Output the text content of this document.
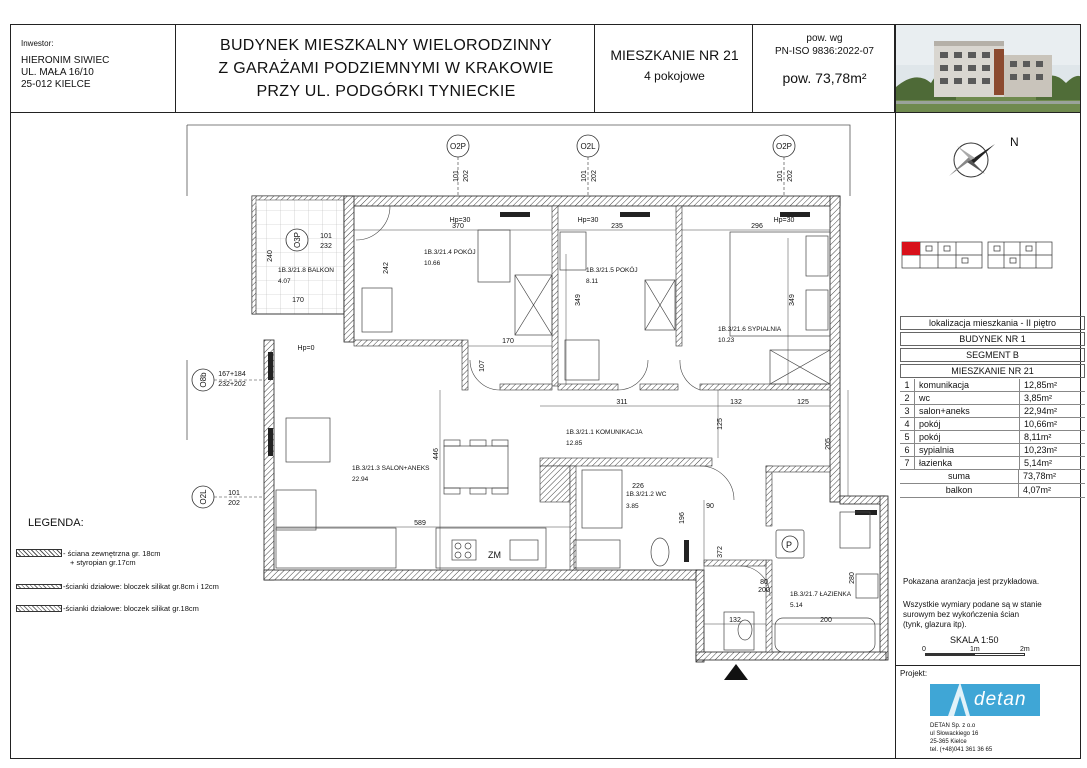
Inwestor:
HIERONIM SIWIEC
UL. MAŁA 16/10
25-012 KIELCE
BUDYNEK MIESZKALNY WIELORODZINNY
Z GARAŻAMI PODZIEMNYMI W KRAKOWIE
PRZY UL. PODGÓRKI TYNIECKIE
MIESZKANIE NR 21
4 pokojowe
pow. wg
PN-ISO 9836:2022-07
pow. 73,78m²
N
lokalizacja mieszkania - II piętro
BUDYNEK NR 1
SEGMENT B
MIESZKANIE NR 21
1	komunikacja	12,85m²
2	wc	3,85m²
3	salon+aneks	22,94m²
4	pokój	10,66m²
5	pokój	8,11m²
6	sypialnia	10,23m²
7	łazienka	5,14m²
suma	73,78m²
balkon	4,07m²
Pokazana aranżacja jest przykładowa.
Wszystkie wymiary podane są w stanie
surowym bez wykończenia ścian
(tynk, glazura itp).
SKALA 1:50
0	1m	2m
Projekt:
detan
DETAN Sp. z o.o
ul Słowackiego 16
25-365 Kielce
tel. (+48)041 361 36 65
LEGENDA:
- ściana zewnętrzna gr. 18cm
+ styropian gr.17cm
-ścianki działowe: bloczek silikat gr.8cm i 12cm
-ścianki działowe: bloczek silikat gr.18cm
O2P	O2L	O2P
O3P
O8b
O2L
1B.3/21.8 BALKON
4.07
1B.3/21.4 POKÓJ
10.66
1B.3/21.5 POKÓJ
8.11
1B.3/21.6 SYPIALNIA
10.23
1B.3/21.1 KOMUNIKACJA
12.85
1B.3/21.3 SALON+ANEKS
22.94
1B.3/21.2 WC
3.85
1B.3/21.7 ŁAZIENKA
5.14
ZM
P
370	235	296
170
170
311	132	125
589
226
132	200
167+184
232+202
101
202
101
232
Hp=30	Hp=30	Hp=30
Hp=0
200
90
80
349	349
242
240
107
125
205
446
196
372
280
101 202	101 202	101 202
